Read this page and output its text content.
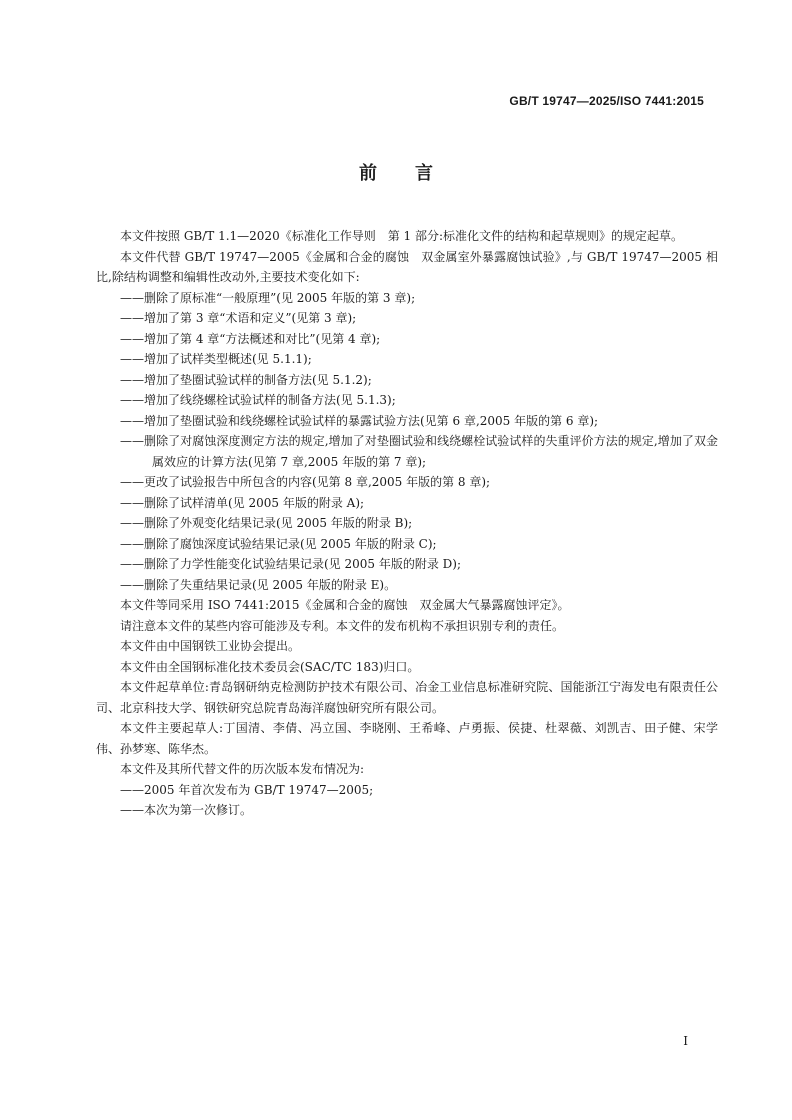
GB/T 19747—2025/ISO 7441:2015
前言

本文件按照 GB/T 1.1—2020《标准化工作导则　第 1 部分:标准化文件的结构和起草规则》的规定起草。

本文件代替 GB/T 19747—2005《金属和合金的腐蚀　双金属室外暴露腐蚀试验》,与 GB/T 19747—2005 相比,除结构调整和编辑性改动外,主要技术变化如下:

——删除了原标准“一般原理”(见 2005 年版的第 3 章);

——增加了第 3 章“术语和定义”(见第 3 章);

——增加了第 4 章“方法概述和对比”(见第 4 章);

——增加了试样类型概述(见 5.1.1);

——增加了垫圈试验试样的制备方法(见 5.1.2);

——增加了线绕螺栓试验试样的制备方法(见 5.1.3);

——增加了垫圈试验和线绕螺栓试验试样的暴露试验方法(见第 6 章,2005 年版的第 6 章);

——删除了对腐蚀深度测定方法的规定,增加了对垫圈试验和线绕螺栓试验试样的失重评价方法的规定,增加了双金属效应的计算方法(见第 7 章,2005 年版的第 7 章);

——更改了试验报告中所包含的内容(见第 8 章,2005 年版的第 8 章);

——删除了试样清单(见 2005 年版的附录 A);

——删除了外观变化结果记录(见 2005 年版的附录 B);

——删除了腐蚀深度试验结果记录(见 2005 年版的附录 C);

——删除了力学性能变化试验结果记录(见 2005 年版的附录 D);

——删除了失重结果记录(见 2005 年版的附录 E)。

本文件等同采用 ISO 7441:2015《金属和合金的腐蚀　双金属大气暴露腐蚀评定》。

请注意本文件的某些内容可能涉及专利。本文件的发布机构不承担识别专利的责任。

本文件由中国钢铁工业协会提出。

本文件由全国钢标准化技术委员会(SAC/TC 183)归口。

本文件起草单位:青岛钢研纳克检测防护技术有限公司、冶金工业信息标准研究院、国能浙江宁海发电有限责任公司、北京科技大学、钢铁研究总院青岛海洋腐蚀研究所有限公司。

本文件主要起草人:丁国清、李倩、冯立国、李晓刚、王希峰、卢勇振、侯捷、杜翠薇、刘凯吉、田子健、宋学伟、孙梦寒、陈华杰。

本文件及其所代替文件的历次版本发布情况为:

——2005 年首次发布为 GB/T 19747—2005;

——本次为第一次修订。

I
